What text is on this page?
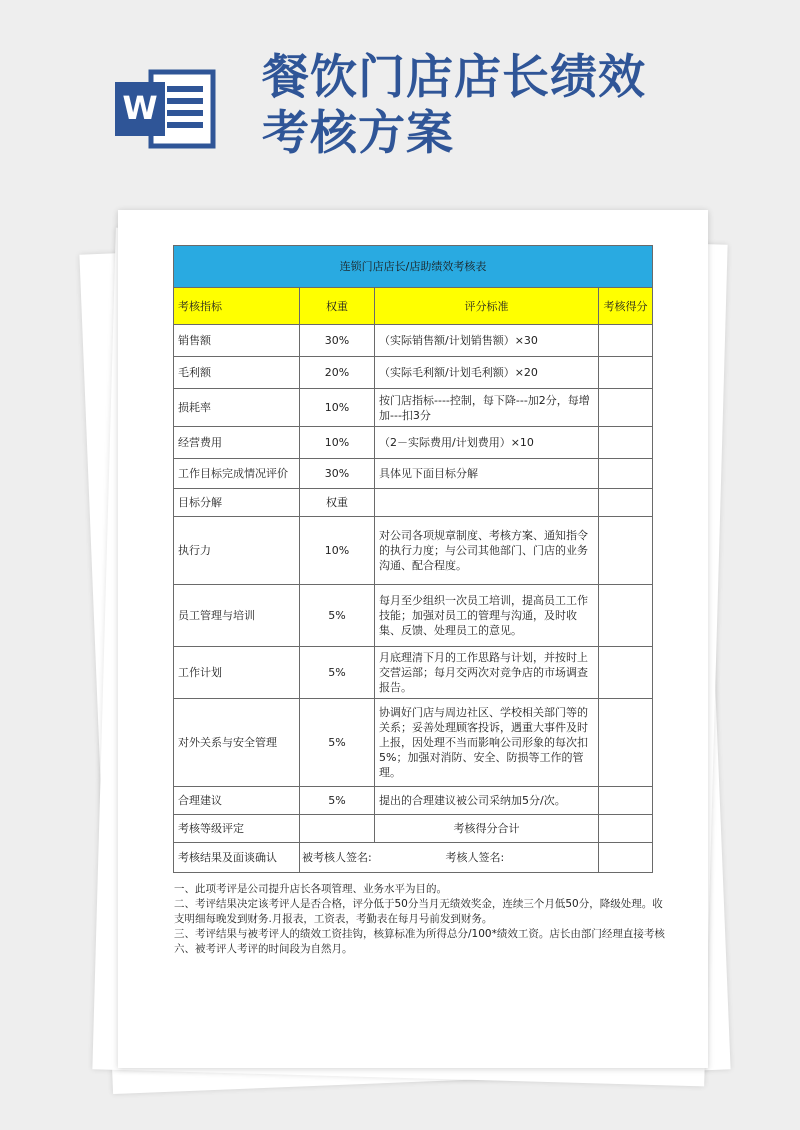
W
餐饮门店店长绩效
考核方案
连锁门店店长/店助绩效考核表			
考核指标	权重	评分标准	考核得分
销售额	30%	（实际销售额/计划销售额）×30	
毛利额	20%	（实际毛利额/计划毛利额）×20	
损耗率	10%	按门店指标----控制，每下降---加2分，每增加---扣3分	
经营费用	10%	（2－实际费用/计划费用）×10	
工作目标完成情况评价	30%	具体见下面目标分解	
目标分解	权重		
执行力	10%	对公司各项规章制度、考核方案、通知指令的执行力度；与公司其他部门、门店的业务沟通、配合程度。	
员工管理与培训	5%	每月至少组织一次员工培训，提高员工工作技能；加强对员工的管理与沟通，及时收集、反馈、处理员工的意见。	
工作计划	5%	月底理清下月的工作思路与计划，并按时上交营运部；每月交两次对竞争店的市场调查报告。	
对外关系与安全管理	5%	协调好门店与周边社区、学校相关部门等的关系；妥善处理顾客投诉，遇重大事件及时上报，因处理不当而影响公司形象的每次扣5%；加强对消防、安全、防损等工作的管理。	
合理建议	5%	提出的合理建议被公司采纳加5分/次。	
考核等级评定		考核得分合计	
考核结果及面谈确认	被考核人签名: 考核人签名:		

一、此项考评是公司提升店长各项管理、业务水平为目的。

二、考评结果决定该考评人是否合格，评分低于50分当月无绩效奖金，连续三个月低50分，降级处理。收支明细每晚发到财务.月报表，工资表，考勤表在每月号前发到财务。

三、考评结果与被考评人的绩效工资挂钩，核算标准为所得总分/100*绩效工资。店长由部门经理直接考核

六、被考评人考评的时间段为自然月。
